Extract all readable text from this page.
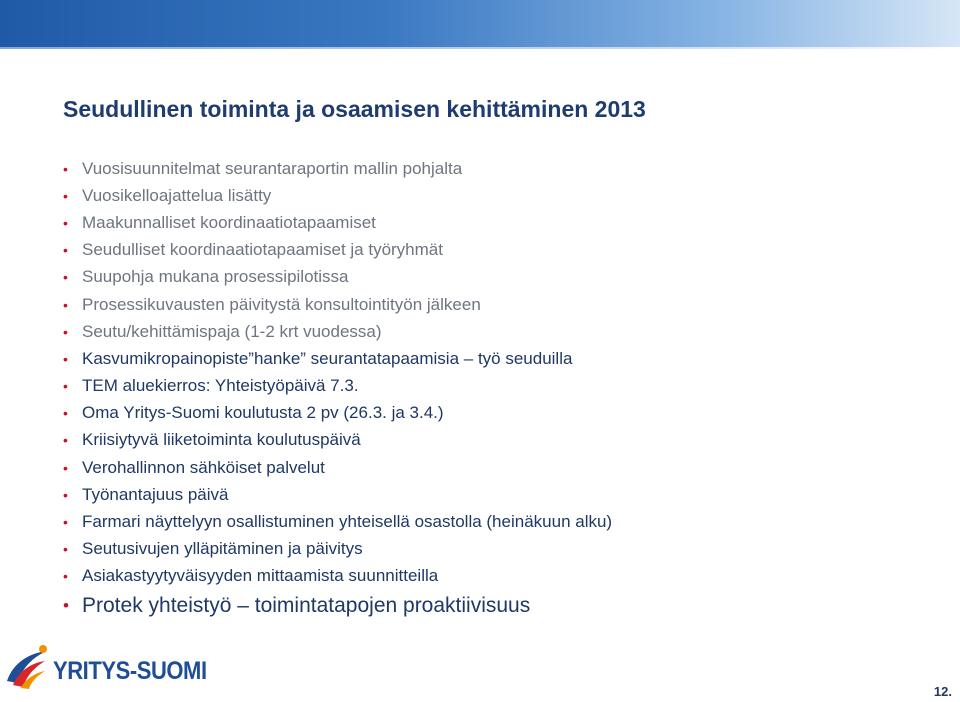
Seudullinen toiminta ja osaamisen kehittäminen 2013
• Vuosisuunnitelmat seurantaraportin mallin pohjalta
• Vuosikelloajattelua lisätty
• Maakunnalliset koordinaatiotapaamiset
• Seudulliset koordinaatiotapaamiset ja työryhmät
• Suupohja mukana prosessipilotissa
• Prosessikuvausten päivitystä konsultointityön jälkeen
• Seutu/kehittämispaja (1-2 krt vuodessa)
• Kasvumikropainopiste”hanke” seurantatapaamisia – työ seuduilla
• TEM aluekierros: Yhteistyöpäivä 7.3.
• Oma Yritys-Suomi koulutusta 2 pv (26.3. ja 3.4.)
• Kriisiytyvä liiketoiminta koulutuspäivä
• Verohallinnon sähköiset palvelut
• Työnantajuus päivä
• Farmari näyttelyyn osallistuminen yhteisellä osastolla (heinäkuun alku)
• Seutusivujen ylläpitäminen ja päivitys
• Asiakastyytyväisyyden mittaamista suunnitteilla
• Protek yhteistyö – toimintatapojen proaktiivisuus
YRITYS-SUOMI
12.
